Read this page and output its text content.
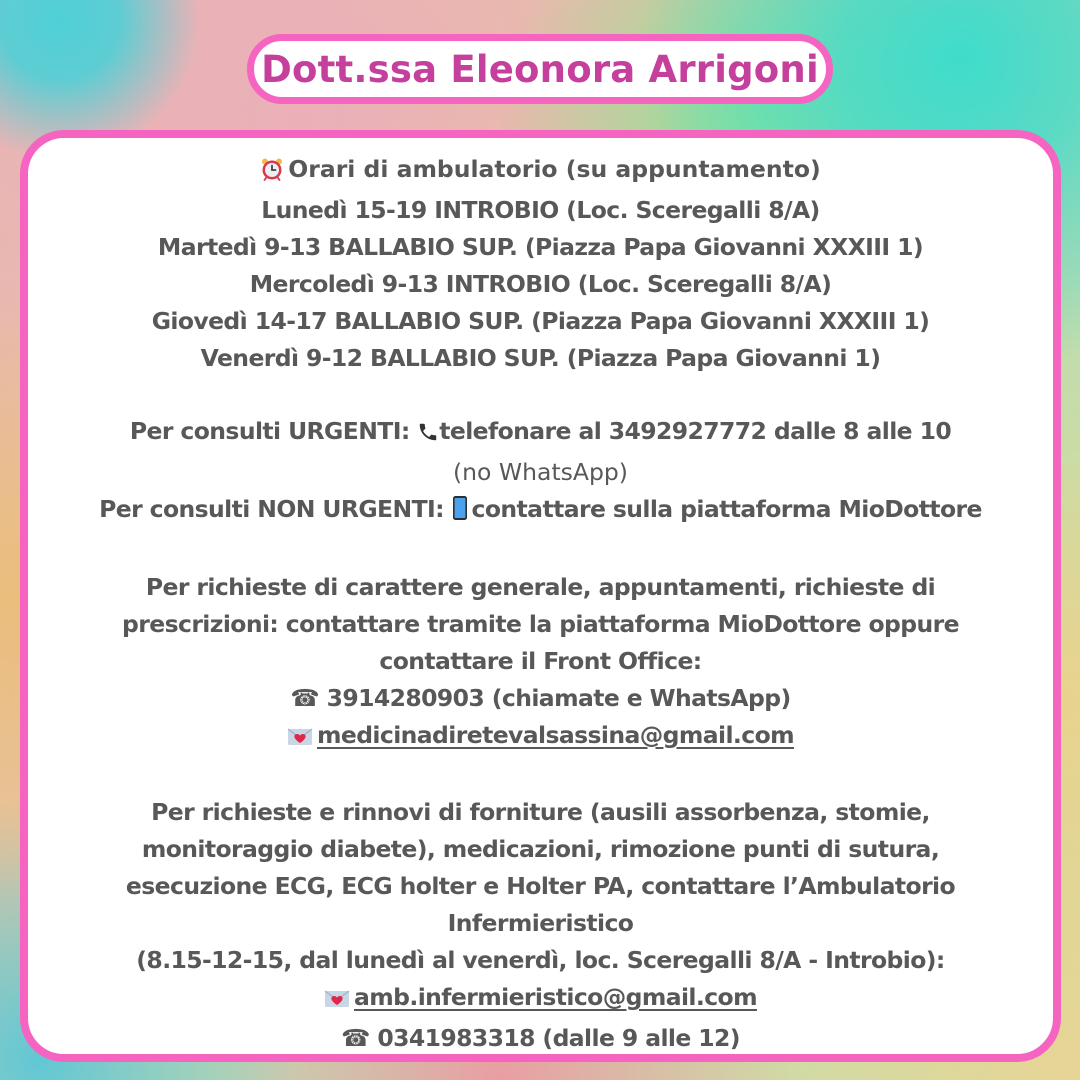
Dott.ssa Eleonora Arrigoni
Orari di ambulatorio (su appuntamento)
Lunedì 15-19 INTROBIO (Loc. Sceregalli 8/A)
Martedì 9-13 BALLABIO SUP. (Piazza Papa Giovanni XXXIII 1)
Mercoledì 9-13 INTROBIO (Loc. Sceregalli 8/A)
Giovedì 14-17 BALLABIO SUP. (Piazza Papa Giovanni XXXIII 1)
Venerdì 9-12 BALLABIO SUP. (Piazza Papa Giovanni 1)
Per consulti URGENTI: telefonare al 3492927772 dalle 8 alle 10
(no WhatsApp)
Per consulti NON URGENTI: contattare sulla piattaforma MioDottore
Per richieste di carattere generale, appuntamenti, richieste di
prescrizioni: contattare tramite la piattaforma MioDottore oppure
contattare il Front Office:
☎ 3914280903 (chiamate e WhatsApp)
medicinadiretevalsassina@gmail.com
Per richieste e rinnovi di forniture (ausili assorbenza, stomie,
monitoraggio diabete), medicazioni, rimozione punti di sutura,
esecuzione ECG, ECG holter e Holter PA, contattare l’Ambulatorio
Infermieristico
(8.15-12-15, dal lunedì al venerdì, loc. Sceregalli 8/A - Introbio):
amb.infermieristico@gmail.com
☎ 0341983318 (dalle 9 alle 12)
